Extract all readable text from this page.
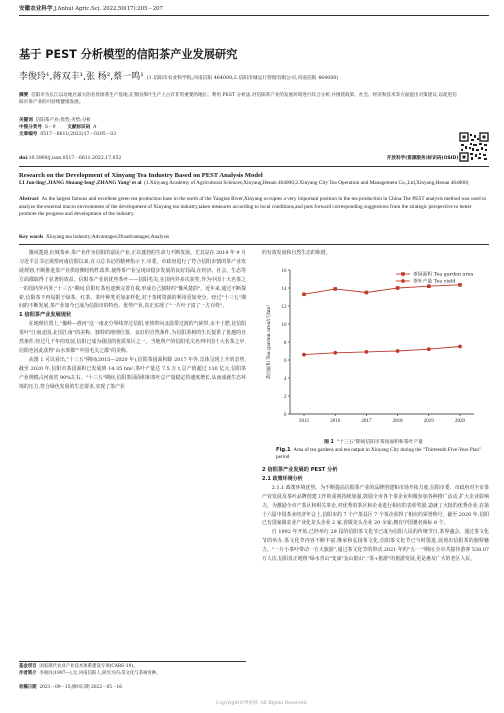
安徽农业科学,J.Anhui Agric.Sci. 2022,50(17):205－207
基于 PEST 分析模型的信阳茶产业发展研究
李俊玲¹,蒋双丰¹,张 杨²,蔡一鸣¹ (1.信阳市农业科学院,河南信阳 464000;2.信阳市城运行管理有限公司,河南信阳 464000)
摘要 信阳市为长江以北地区最大的名优绿茶生产基地,在我国茶叶生产上占有非常重要的地位。利用 PEST 分析法,对信阳茶产业的发展环境进行综合分析,并围绕政策、社会、经济和技术等方面提出对策建议,以促进信阳市茶产业的可持续健康发展。
关键词 信阳茶产业;优势;劣势;分析
中图分类号 S－9	文献标识码 A
文章编号 0517－6611(2022)17－0205－03
doi:10.3969/j.issn.0517－6611.2022.17.052	开放科学(资源服务)标识码(OSID)
Research on the Development of Xinyang Tea Industry Based on PEST Analysis Model
LI Jun-ling¹,JIANG Shuang-feng¹,ZHANG Yang² et al (1.Xinyang Academy of Agricultural Sciences,Xinyang,Henan 464000;2.Xinyang City Tea Operation and Management Co.,Ltd,Xinyang,Henan 464000)
Abstract As the largest famous and excellent green tea production base in the north of the Yangtze River,Xinyang occupies a very important position in the tea production in China.The PEST analysis method was used to analyze the external macro environment of the development of Xinyang tea industry,taken measures according to local conditions,and puts forward corresponding suggestions from the strategic perspective to better promote the progress and development of the industry.
Key words Xinyang tea industry;Advantages;Disadvantages;Analysis

豫风楚韵,红城茶乡,茶产业作为信阳的富民产业,正以蓬勃的生命力不断发展。尤其是在 2019 年 9 月习近平总书记视察河南信阳以来,在习总书记的精神指示下,市委、市政府进行了符合信阳市情的茶产业发展规划,不断推进茶产业供给侧结构性改革,使得茶产业呈现出稳步发展的良好局面,在经济、社会、生态等方面都取得了显著的效益。信阳茶产业的优势茶叶——信阳毛尖,在国内外多次获奖,作为中国十大名茶之一的国内外内外,"十三五"期间,信阳红茶也逐渐完善自我,形成自己独特的"豫风楚韵"。近年来,通过不断探索,信阳茶不再局限于绿茶、红茶、茶叶种类更加多样化,对于茶树资源的利用更加充分。经过"十三五"期间的不断发展,茶产业如今已成为信阳市的特色、优势产业,真正实现了"一片叶子富了一方百姓"。

1 信阳茶产业发展现状

在地理位置上,"豫岭—淮河"这一南北分界线穿过信阳,亚热带向北温带过渡的气候带,水丰土肥,比信阳茶叶"江南北国,北国江南"的美称。独特的地理位置、良好的自然条件,为信阳茶树的生长提供了优越的自然条件,经过几千年的发展,信阳已成为我国的优质茶区之一。当地所产的信阳毛尖名列中国十大名茶之中,信阳也因此获得"山水茶都""中国毛尖之都"的美称。

从图 1 可以看出,"十三五"期间(2015—2020 年),信阳茶园面积除 2017 年外,总体呈现上升的态势,截至 2020 年,信阳市茶园面积已发展到 14.35 hm²,茶叶产量达 7.5 万 t,总产值超过 130 亿元,信阳茶产业规模占河南省 90%左右。"十三五"期间,信阳茶园面积和茶叶总产量稳定持速度增长,从而成就生态环境的压力,符合绿色发展的生态要求,实现了茶产业

基金项目 国家现代农业产业技术体系建设专项(CARS-19)。
作者简介 李俊玲(1997—),女,河南信阳人,研究方向:茶文化与茶树育种。
收稿日期 2021－09－15;修回日期 2022－05－16

的有效发展和自然生态的和谐。

0
2
4
6
8
10
12
14
16
2015	2016	2017	2018	2019	2020
茶园面积 Tea garden area//万hm²
茶园面积 Tea garden area
茶叶产量 Tea yield
图 1 "十三五"期间信阳市茶园面积和茶叶产量
Fig.1 Area of tea gardens and tea output in Xinyang City during the "Thirteenth Five-Year Plan" period

2 信阳茶产业发展的 PEST 分析

2.1 政策环境分析

2.1.1 政策环境优势。为不断提高信阳茶产业的品牌创建和市场开拓力度,信阳市委、市政府对全市茶产业发展及茶叶品牌创建工作的重视持续加强,鼓励全市各个茶企业积极参加各种推广活动,扩大企业影响力。为激励全市产茶区和相关茶企,对优秀的茶区和企业进行相应的表彰奖励,造就了大批的优秀企业,在第十六届中国茶业经济年会上,信阳市的 7 个产茶县区 7 个茶企获得了相应的荣誉称号。截至 2020 年,信阳已有国家级农业产业化龙头企业 2 家,省级龙头企业 20 余家;拥有中国驰名商标 8 个。

自 1992 年开始,已经举行 29 届的信阳茶文化节已成为信阳人民的传统节日,茶界盛会。通过茶文化节的举办,茶文化节内容不断丰富,继承和弘扬茶文化,信阳茶文化节已与时俱进,展现出信阳茶的独特魅力。"一片小茶叶带动一方大旅游",通过茶文化节的带动,2021 年的"五·一"期间,全市共接待游客 538.07 万人次,信阳真正地将"绿水青山"变成"金山银山","茶+旅游"的旅游发展,更是惠及广大的老区人民。

Copyright©博看网. All Rights Reserved.
